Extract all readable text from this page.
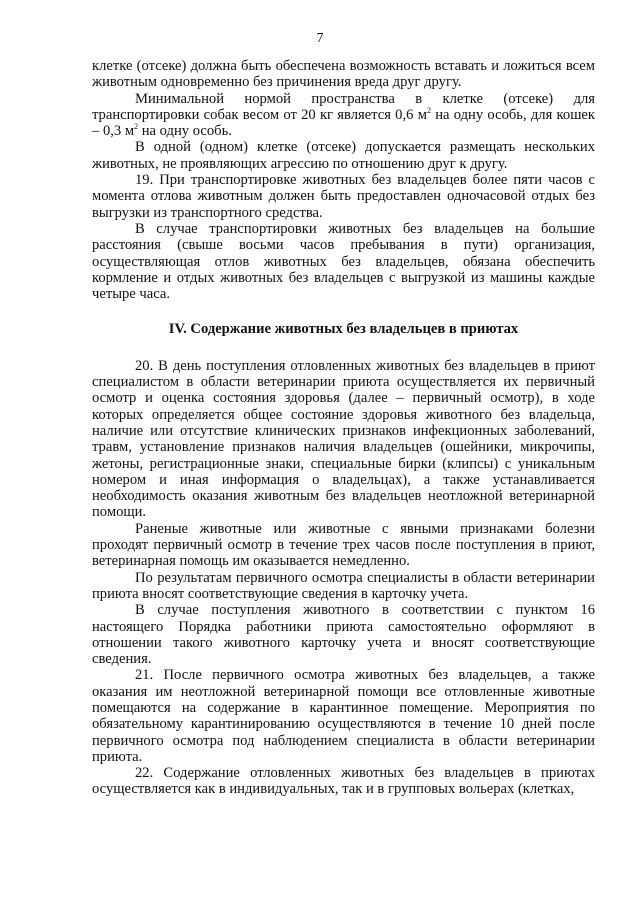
7

клетке (отсеке) должна быть обеспечена возможность вставать и ложиться всем животным одновременно без причинения вреда друг другу.

Минимальной нормой пространства в клетке (отсеке) для транспортировки собак весом от 20 кг является 0,6 $м^2$ на одну особь, для кошек – 0,3 $м^2$ на одну особь.

В одной (одном) клетке (отсеке) допускается размещать нескольких животных, не проявляющих агрессию по отношению друг к другу.

19. При транспортировке животных без владельцев более пяти часов с момента отлова животным должен быть предоставлен одночасовой отдых без выгрузки из транспортного средства.

В случае транспортировки животных без владельцев на большие расстояния (свыше восьми часов пребывания в пути) организация, осуществляющая отлов животных без владельцев, обязана обеспечить кормление и отдых животных без владельцев с выгрузкой из машины каждые четыре часа.

IV. Содержание животных без владельцев в приютах

20. В день поступления отловленных животных без владельцев в приют специалистом в области ветеринарии приюта осуществляется их первичный осмотр и оценка состояния здоровья (далее – первичный осмотр), в ходе которых определяется общее состояние здоровья животного без владельца, наличие или отсутствие клинических признаков инфекционных заболеваний, травм, установление признаков наличия владельцев (ошейники, микрочипы, жетоны, регистрационные знаки, специальные бирки (клипсы) с уникальным номером и иная информация о владельцах), а также устанавливается необходимость оказания животным без владельцев неотложной ветеринарной помощи.

Раненые животные или животные с явными признаками болезни проходят первичный осмотр в течение трех часов после поступления в приют, ветеринарная помощь им оказывается немедленно.

По результатам первичного осмотра специалисты в области ветеринарии приюта вносят соответствующие сведения в карточку учета.

В случае поступления животного в соответствии с пунктом 16 настоящего Порядка работники приюта самостоятельно оформляют в отношении такого животного карточку учета и вносят соответствующие сведения.

21. После первичного осмотра животных без владельцев, а также оказания им неотложной ветеринарной помощи все отловленные животные помещаются на содержание в карантинное помещение. Мероприятия по обязательному карантинированию осуществляются в течение 10 дней после первичного осмотра под наблюдением специалиста в области ветеринарии приюта.

22. Содержание отловленных животных без владельцев в приютах осуществляется как в индивидуальных, так и в групповых вольерах (клетках,
